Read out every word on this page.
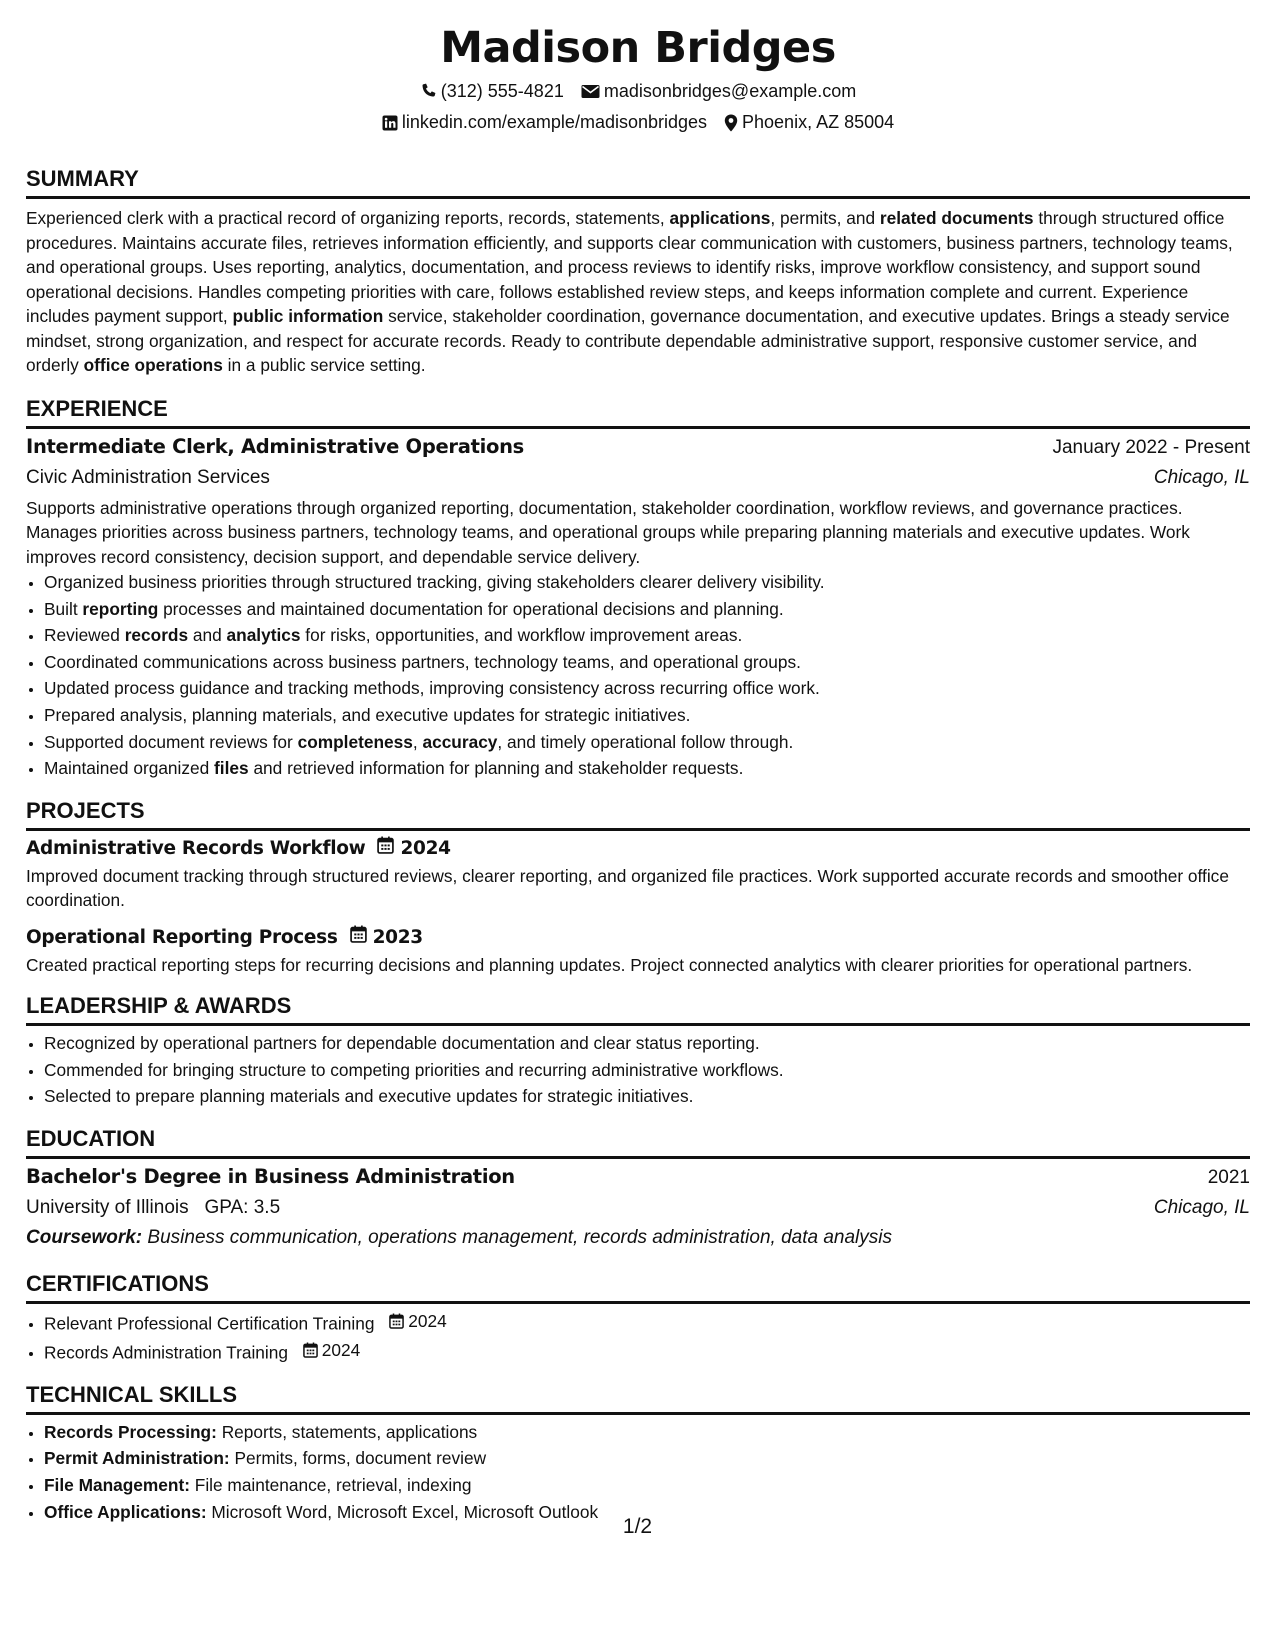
Madison Bridges
(312) 555-4821 madisonbridges@example.com
linkedin.com/example/madisonbridges Phoenix, AZ 85004
SUMMARY

Experienced clerk with a practical record of organizing reports, records, statements, applications, permits, and related documents through structured office procedures. Maintains accurate files, retrieves information efficiently, and supports clear communication with customers, business partners, technology teams, and operational groups. Uses reporting, analytics, documentation, and process reviews to identify risks, improve workflow consistency, and support sound operational decisions. Handles competing priorities with care, follows established review steps, and keeps information complete and current. Experience includes payment support, public information service, stakeholder coordination, governance documentation, and executive updates. Brings a steady service mindset, strong organization, and respect for accurate records. Ready to contribute dependable administrative support, responsive customer service, and orderly office operations in a public service setting.

EXPERIENCE
Intermediate Clerk, Administrative Operations	January 2022 - Present
Civic Administration Services	Chicago, IL

Supports administrative operations through organized reporting, documentation, stakeholder coordination, workflow reviews, and governance practices. Manages priorities across business partners, technology teams, and operational groups while preparing planning materials and executive updates. Work improves record consistency, decision support, and dependable service delivery.

• Organized business priorities through structured tracking, giving stakeholders clearer delivery visibility.
• Built reporting processes and maintained documentation for operational decisions and planning.
• Reviewed records and analytics for risks, opportunities, and workflow improvement areas.
• Coordinated communications across business partners, technology teams, and operational groups.
• Updated process guidance and tracking methods, improving consistency across recurring office work.
• Prepared analysis, planning materials, and executive updates for strategic initiatives.
• Supported document reviews for completeness, accuracy, and timely operational follow through.
• Maintained organized files and retrieved information for planning and stakeholder requests.
PROJECTS
Administrative Records Workflow 2024

Improved document tracking through structured reviews, clearer reporting, and organized file practices. Work supported accurate records and smoother office coordination.

Operational Reporting Process 2023

Created practical reporting steps for recurring decisions and planning updates. Project connected analytics with clearer priorities for operational partners.

LEADERSHIP & AWARDS
• Recognized by operational partners for dependable documentation and clear status reporting.
• Commended for bringing structure to competing priorities and recurring administrative workflows.
• Selected to prepare planning materials and executive updates for strategic initiatives.
EDUCATION
Bachelor's Degree in Business Administration	2021
University of Illinois GPA: 3.5	Chicago, IL
Coursework: Business communication, operations management, records administration, data analysis
CERTIFICATIONS
• Relevant Professional Certification Training 2024
• Records Administration Training 2024
TECHNICAL SKILLS
• Records Processing: Reports, statements, applications
• Permit Administration: Permits, forms, document review
• File Management: File maintenance, retrieval, indexing
• Office Applications: Microsoft Word, Microsoft Excel, Microsoft Outlook
1/2
